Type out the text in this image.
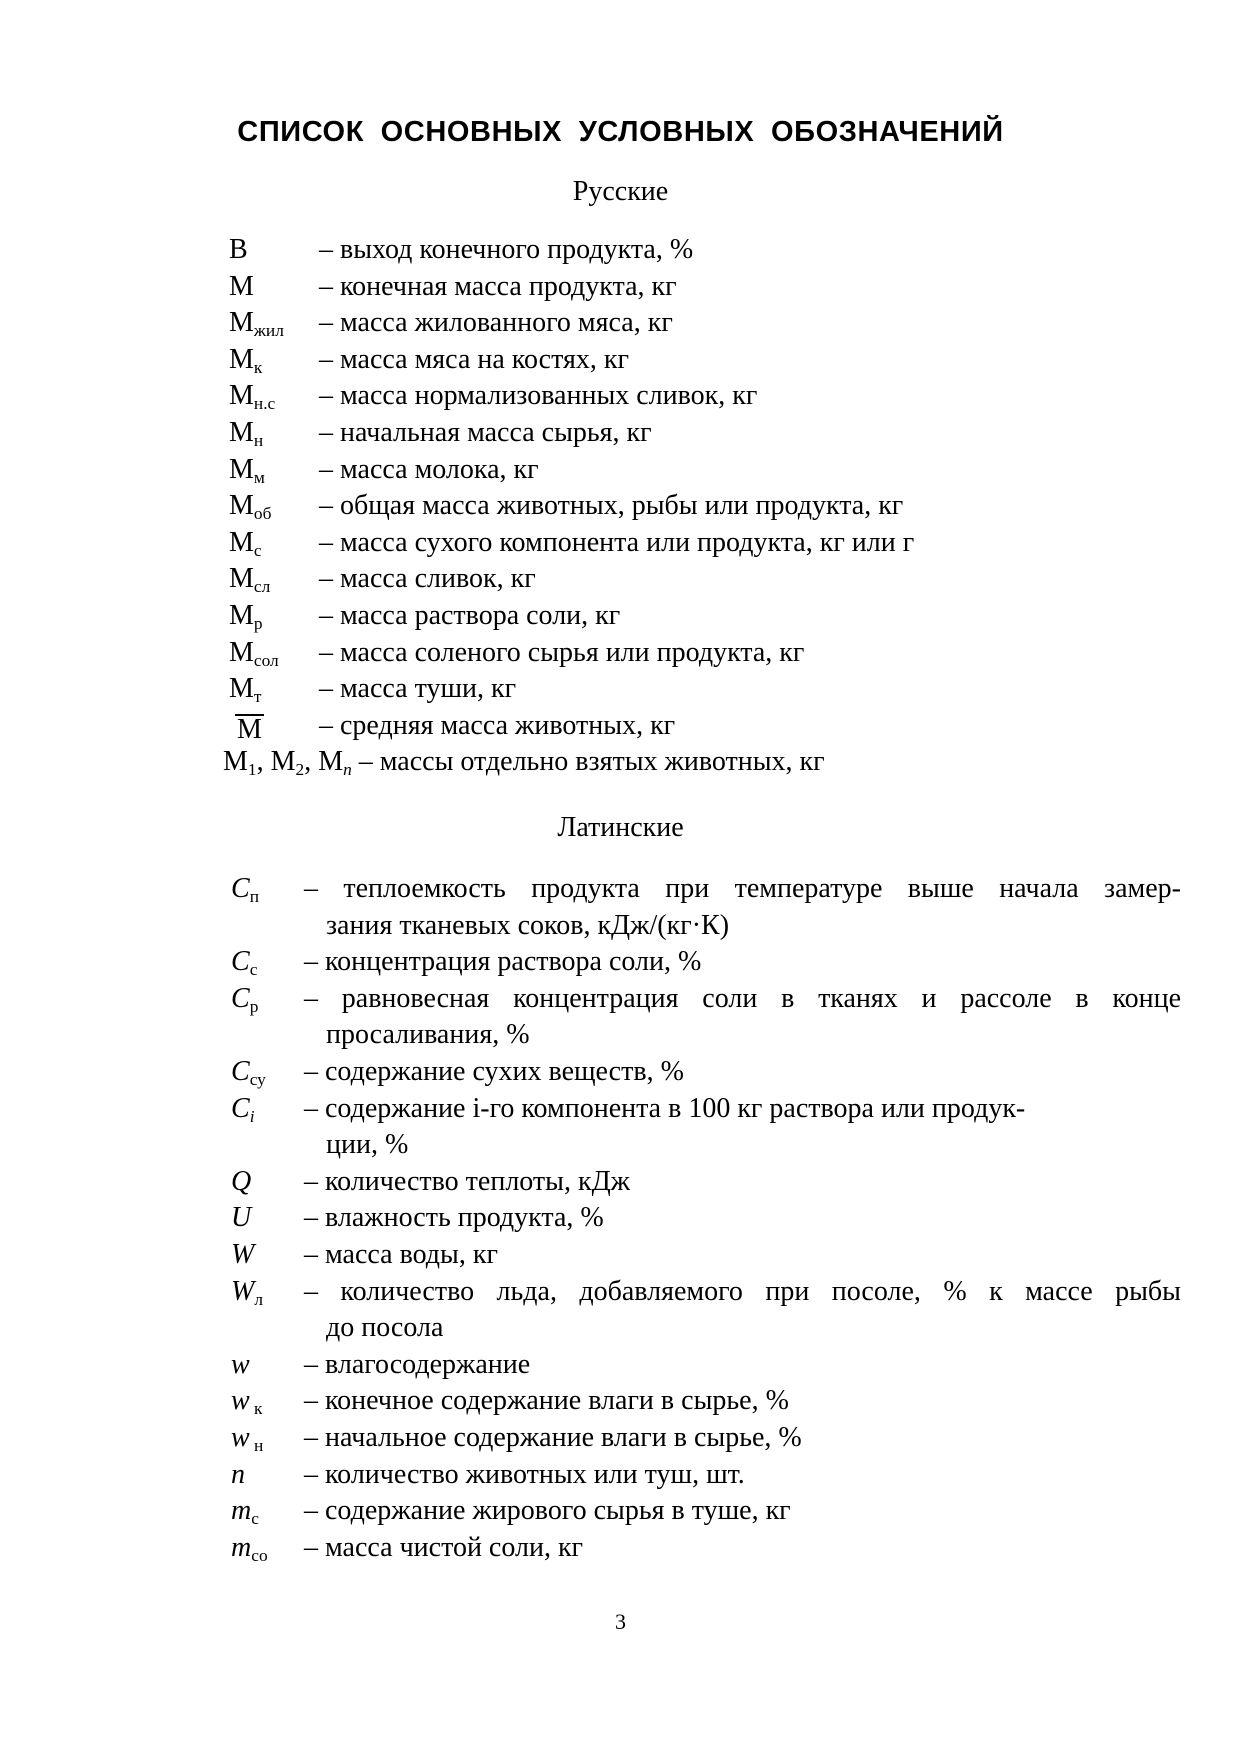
СПИСОК ОСНОВНЫХ УСЛОВНЫХ ОБОЗНАЧЕНИЙ
Русские
В	– выход конечного продукта, %
М – конечная масса продукта, кг
$М_{жил}$ – масса жилованного мяса, кг
$М_к$ – масса мяса на костях, кг
$М_{н.с}$ – масса нормализованных сливок, кг
$М_н$ – начальная масса сырья, кг
$М_м$ – масса молока, кг
$М_{об}$ – общая масса животных, рыбы или продукта, кг
$М_с$ – масса сухого компонента или продукта, кг или г
$М_{сл}$ – масса сливок, кг
$М_р$ – масса раствора соли, кг
$М_{сол}$ – масса соленого сырья или продукта, кг
$М_т$ – масса туши, кг
М – средняя масса животных, кг
$М_1$, $М_2$, $М_n$ – массы отдельно взятых животных, кг
Латинские
$C_п$ – теплоемкость продукта при температуре выше начала замер-
зания тканевых соков, кДж/(кг·К)
$C_с$ – концентрация раствора соли, %
$C_р$ – равновесная концентрация соли в тканях и рассоле в конце
просаливания, %
$C_{су}$ – содержание сухих веществ, %
$C_i$ – содержание i-го компонента в 100 кг раствора или продук-
ции, %
Q – количество теплоты, кДж
U – влажность продукта, %
W – масса воды, кг
$W_л$ – количество льда, добавляемого при посоле, % к массе рыбы
до посола
w – влагосодержание
w $_к$ – конечное содержание влаги в сырье, %
w $_н$ – начальное содержание влаги в сырье, %
n – количество животных или туш, шт.
$m_с$ – содержание жирового сырья в туше, кг
$m_{со}$ – масса чистой соли, кг
3
